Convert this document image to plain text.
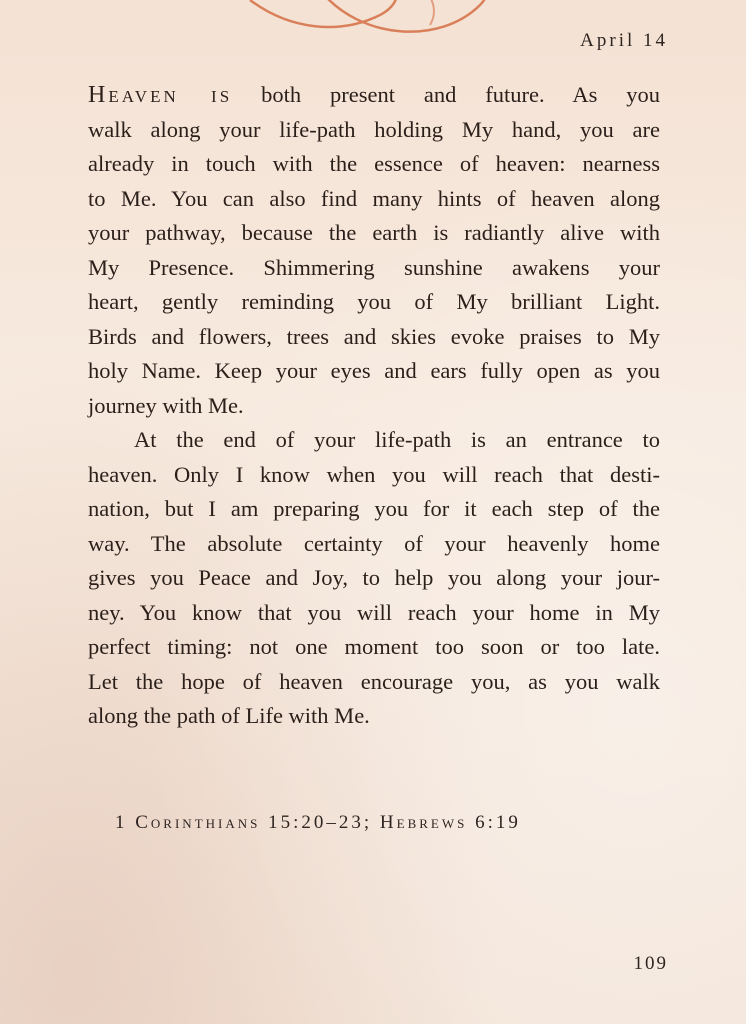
April 14

Heaven is both present and future. As you
walk along your life-path holding My hand, you are
already in touch with the essence of heaven: nearness
to Me. You can also find many hints of heaven along
your pathway, because the earth is radiantly alive with
My Presence. Shimmering sunshine awakens your
heart, gently reminding you of My brilliant Light.
Birds and flowers, trees and skies evoke praises to My
holy Name. Keep your eyes and ears fully open as you
journey with Me.

At the end of your life-path is an entrance to
heaven. Only I know when you will reach that desti-
nation, but I am preparing you for it each step of the
way. The absolute certainty of your heavenly home
gives you Peace and Joy, to help you along your jour-
ney. You know that you will reach your home in My
perfect timing: not one moment too soon or too late.
Let the hope of heaven encourage you, as you walk
along the path of Life with Me.

1 Corinthians 15:20–23; Hebrews 6:19
109
